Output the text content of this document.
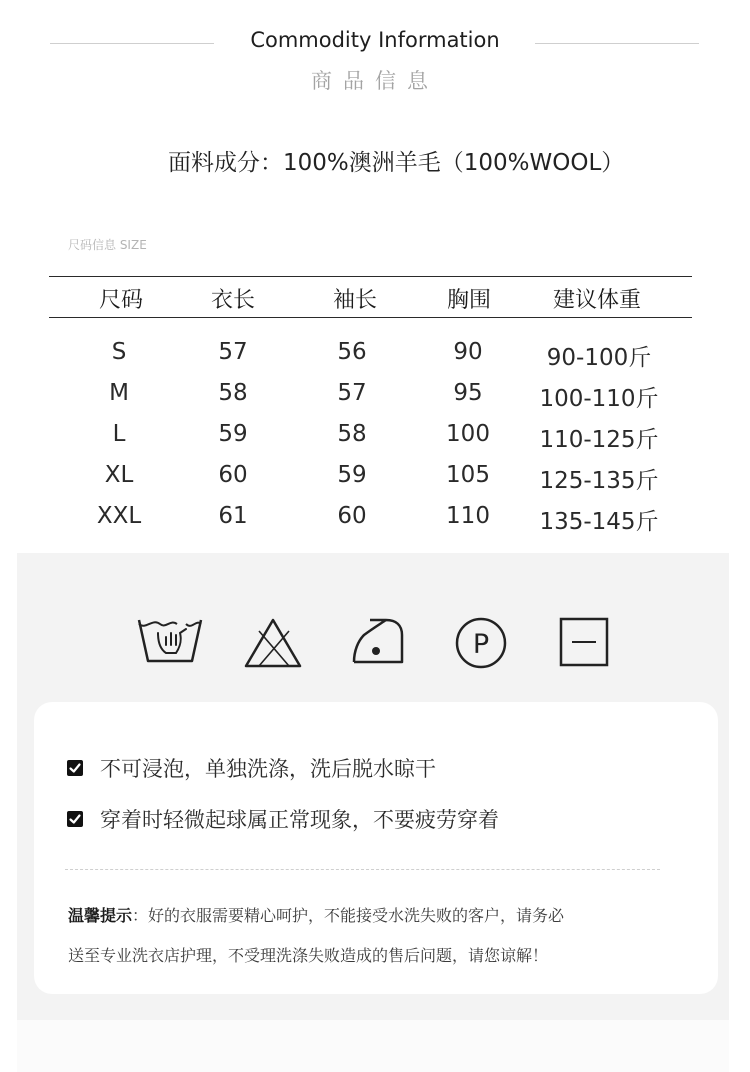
Commodity Information
商品信息
面料成分：100%澳洲羊毛（100%WOOL）
尺码信息 SIZE
尺码	衣长	袖长	胸围	建议体重
S	57	56	90	90-100斤
M	58	57	95	100-110斤
L	59	58	100	110-125斤
XL	60	59	105	125-135斤
XXL	61	60	110	135-145斤
P
不可浸泡，单独洗涤，洗后脱水晾干
穿着时轻微起球属正常现象，不要疲劳穿着
温馨提示：好的衣服需要精心呵护，不能接受水洗失败的客户，请务必
送至专业洗衣店护理，不受理洗涤失败造成的售后问题，请您谅解！
